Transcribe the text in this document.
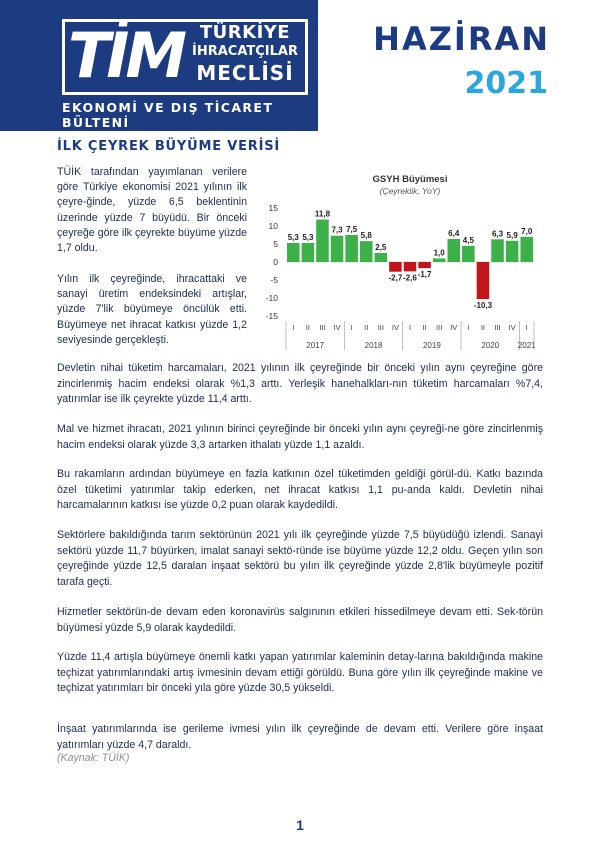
TİM TÜRKİYE
İHRACATÇILAR
MECLİSİ
EKONOMİ VE DIŞ TİCARET BÜLTENİ
HAZİRAN
2021
İLK ÇEYREK BÜYÜME VERİSİ
TÜİK tarafından yayımlanan verilere göre Türkiye ekonomisi 2021 yılının ilk çeyre-ğinde, yüzde 6,5 beklentinin üzerinde yüzde 7 büyüdü. Bir önceki çeyreğe göre ilk çeyrekte büyüme yüzde 1,7 oldu.
Yılın ilk çeyreğinde, ihracattaki ve sanayi üretim endeksindeki artışlar, yüzde 7'lik büyümeye öncülük etti. Büyümeye net ihracat katkısı yüzde 1,2 seviyesinde gerçekleşti.
GSYH Büyümesi
(Çeyreklik, YoY)
15
10
5
0
-5
-10
-15
5,3
I
5,3
II
11,8
III
7,3
IV
7,5
I
5,8
II
2,5
III
-2,7
IV
-2,6
I
-1,7
II
1,0
III
6,4
IV
4,5
I
-10,3
II
6,3
III
5,9
IV
7,0
I
2017	2018	2019	2020 2021
Devletin nihai tüketim harcamaları, 2021 yılının ilk çeyreğinde bir önceki yılın aynı çeyreğine göre zincirlenmiş hacim endeksi olarak %1,3 arttı. Yerleşik hanehalkları-nın tüketim harcamaları %7,4, yatırımlar ise ilk çeyrekte yüzde 11,4 arttı.
Mal ve hizmet ihracatı, 2021 yılının birinci çeyreğinde bir önceki yılın aynı çeyreği-ne göre zincirlenmiş hacim endeksi olarak yüzde 3,3 artarken ithalatı yüzde 1,1 azaldı.
Bu rakamların ardından büyümeye en fazla katkının özel tüketimden geldiği görül-dü. Katkı bazında özel tüketimi yatırımlar takip ederken, net ihracat katkısı 1,1 pu-anda kaldı. Devletin nihai harcamalarının katkısı ise yüzde 0,2 puan olarak kaydedildi.
Sektörlere bakıldığında tarım sektörünün 2021 yılı ilk çeyreğinde yüzde 7,5 büyüdüğü izlendi. Sanayi sektörü yüzde 11,7 büyürken, imalat sanayi sektö-ründe ise büyüme yüzde 12,2 oldu. Geçen yılın son çeyreğinde yüzde 12,5 daralan inşaat sektörü bu yılın ilk çeyreğinde yüzde 2,8'lik büyümeyle pozitif tarafa geçti.
Hizmetler sektörün-de devam eden koronavirüs salgınının etkileri hissedilmeye devam etti. Sek-törün büyümesi yüzde 5,9 olarak kaydedildi.
Yüzde 11,4 artışla büyümeye önemli katkı yapan yatırımlar kaleminin detay-larına bakıldığında makine teçhizat yatırımlarındaki artış ivmesinin devam ettiği görüldü. Buna göre yılın ilk çeyreğinde makine ve teçhizat yatırımları bir önceki yıla göre yüzde 30,5 yükseldi.
İnşaat yatırımlarında ise gerileme ivmesi yılın ilk çeyreğinde de devam etti. Verilere göre inşaat yatırımları yüzde 4,7 daraldı.
(Kaynak: TÜİK)
1
